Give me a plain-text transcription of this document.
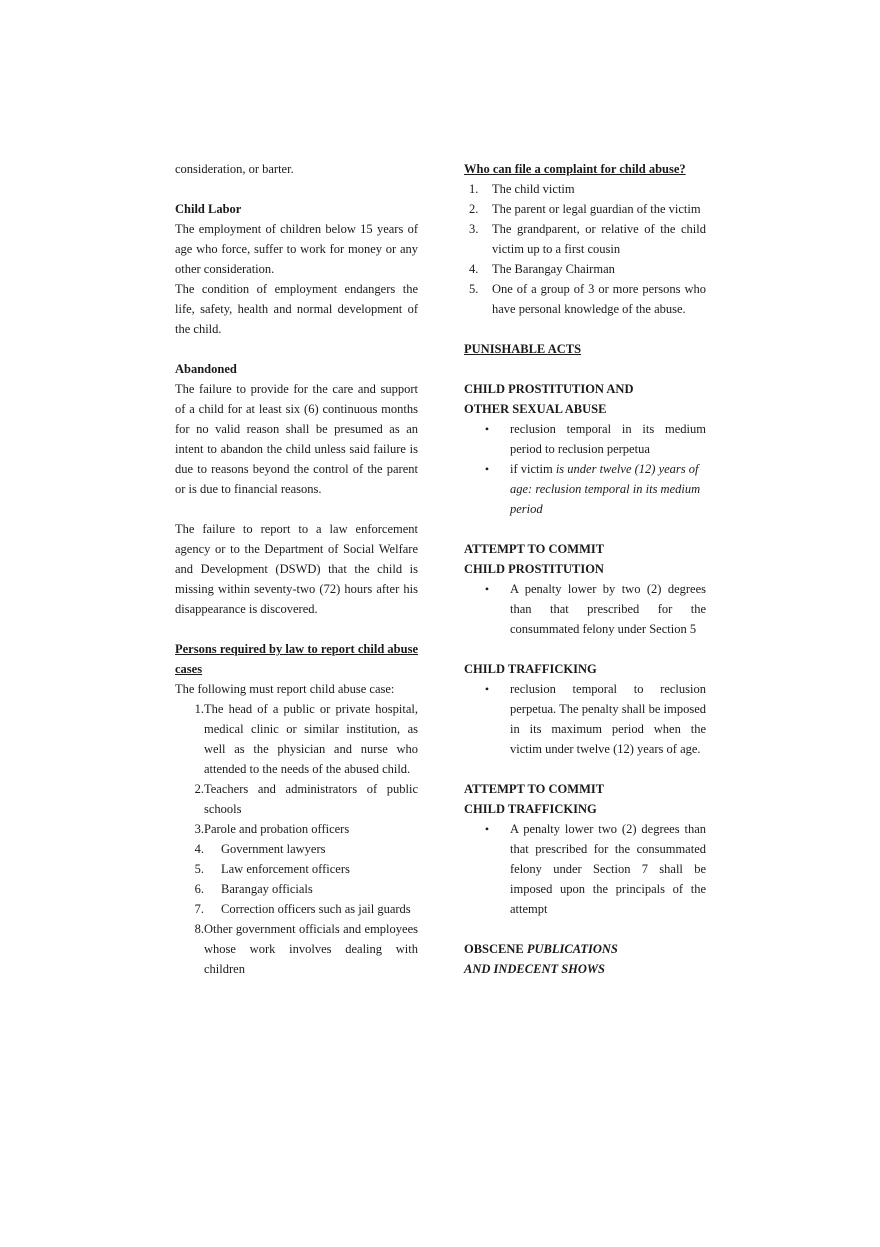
consideration, or barter.

Child Labor

The employment of children below 15 years of age who force, suffer to work for money or any other consideration.

The condition of employment endangers the life, safety, health and normal development of the child.

Abandoned

The failure to provide for the care and support of a child for at least six (6) continuous months for no valid reason shall be presumed as an intent to abandon the child unless said failure is due to reasons beyond the control of the parent or is due to financial reasons.

The failure to report to a law enforcement agency or to the Department of Social Welfare and Development (DSWD) that the child is missing within seventy-two (72) hours after his disappearance is discovered.

Persons required by law to report child abuse cases

The following must report child abuse case:

1. The head of a public or private hospital, medical clinic or similar institution, as well as the physician and nurse who attended to the needs of the abused child.
2. Teachers and administrators of public schools
3. Parole and probation officers
4.	Government lawyers
5.	Law enforcement officers
6.	Barangay officials
7.	Correction officers such as jail guards
8. Other government officials and employees whose work involves dealing with children

Who can file a complaint for child abuse?

1.	The child victim
2.	The parent or legal guardian of the victim
3.	The grandparent, or relative of the child victim up to a first cousin
4.	The Barangay Chairman
5.	One of a group of 3 or more persons who have personal knowledge of the abuse.

PUNISHABLE ACTS

CHILD PROSTITUTION AND

OTHER SEXUAL ABUSE

•	reclusion temporal in its medium period to reclusion perpetua
•	if victim is under twelve (12) years of age: reclusion temporal in its medium period

ATTEMPT TO COMMIT

CHILD PROSTITUTION

•	A penalty lower by two (2) degrees than that prescribed for the consummated felony under Section 5

CHILD TRAFFICKING

•	reclusion temporal to reclusion perpetua. The penalty shall be imposed in its maximum period when the victim under twelve (12) years of age.

ATTEMPT TO COMMIT

CHILD TRAFFICKING

•	A penalty lower two (2) degrees than that prescribed for the consummated felony under Section 7 shall be imposed upon the principals of the attempt

OBSCENE PUBLICATIONS

AND INDECENT SHOWS
